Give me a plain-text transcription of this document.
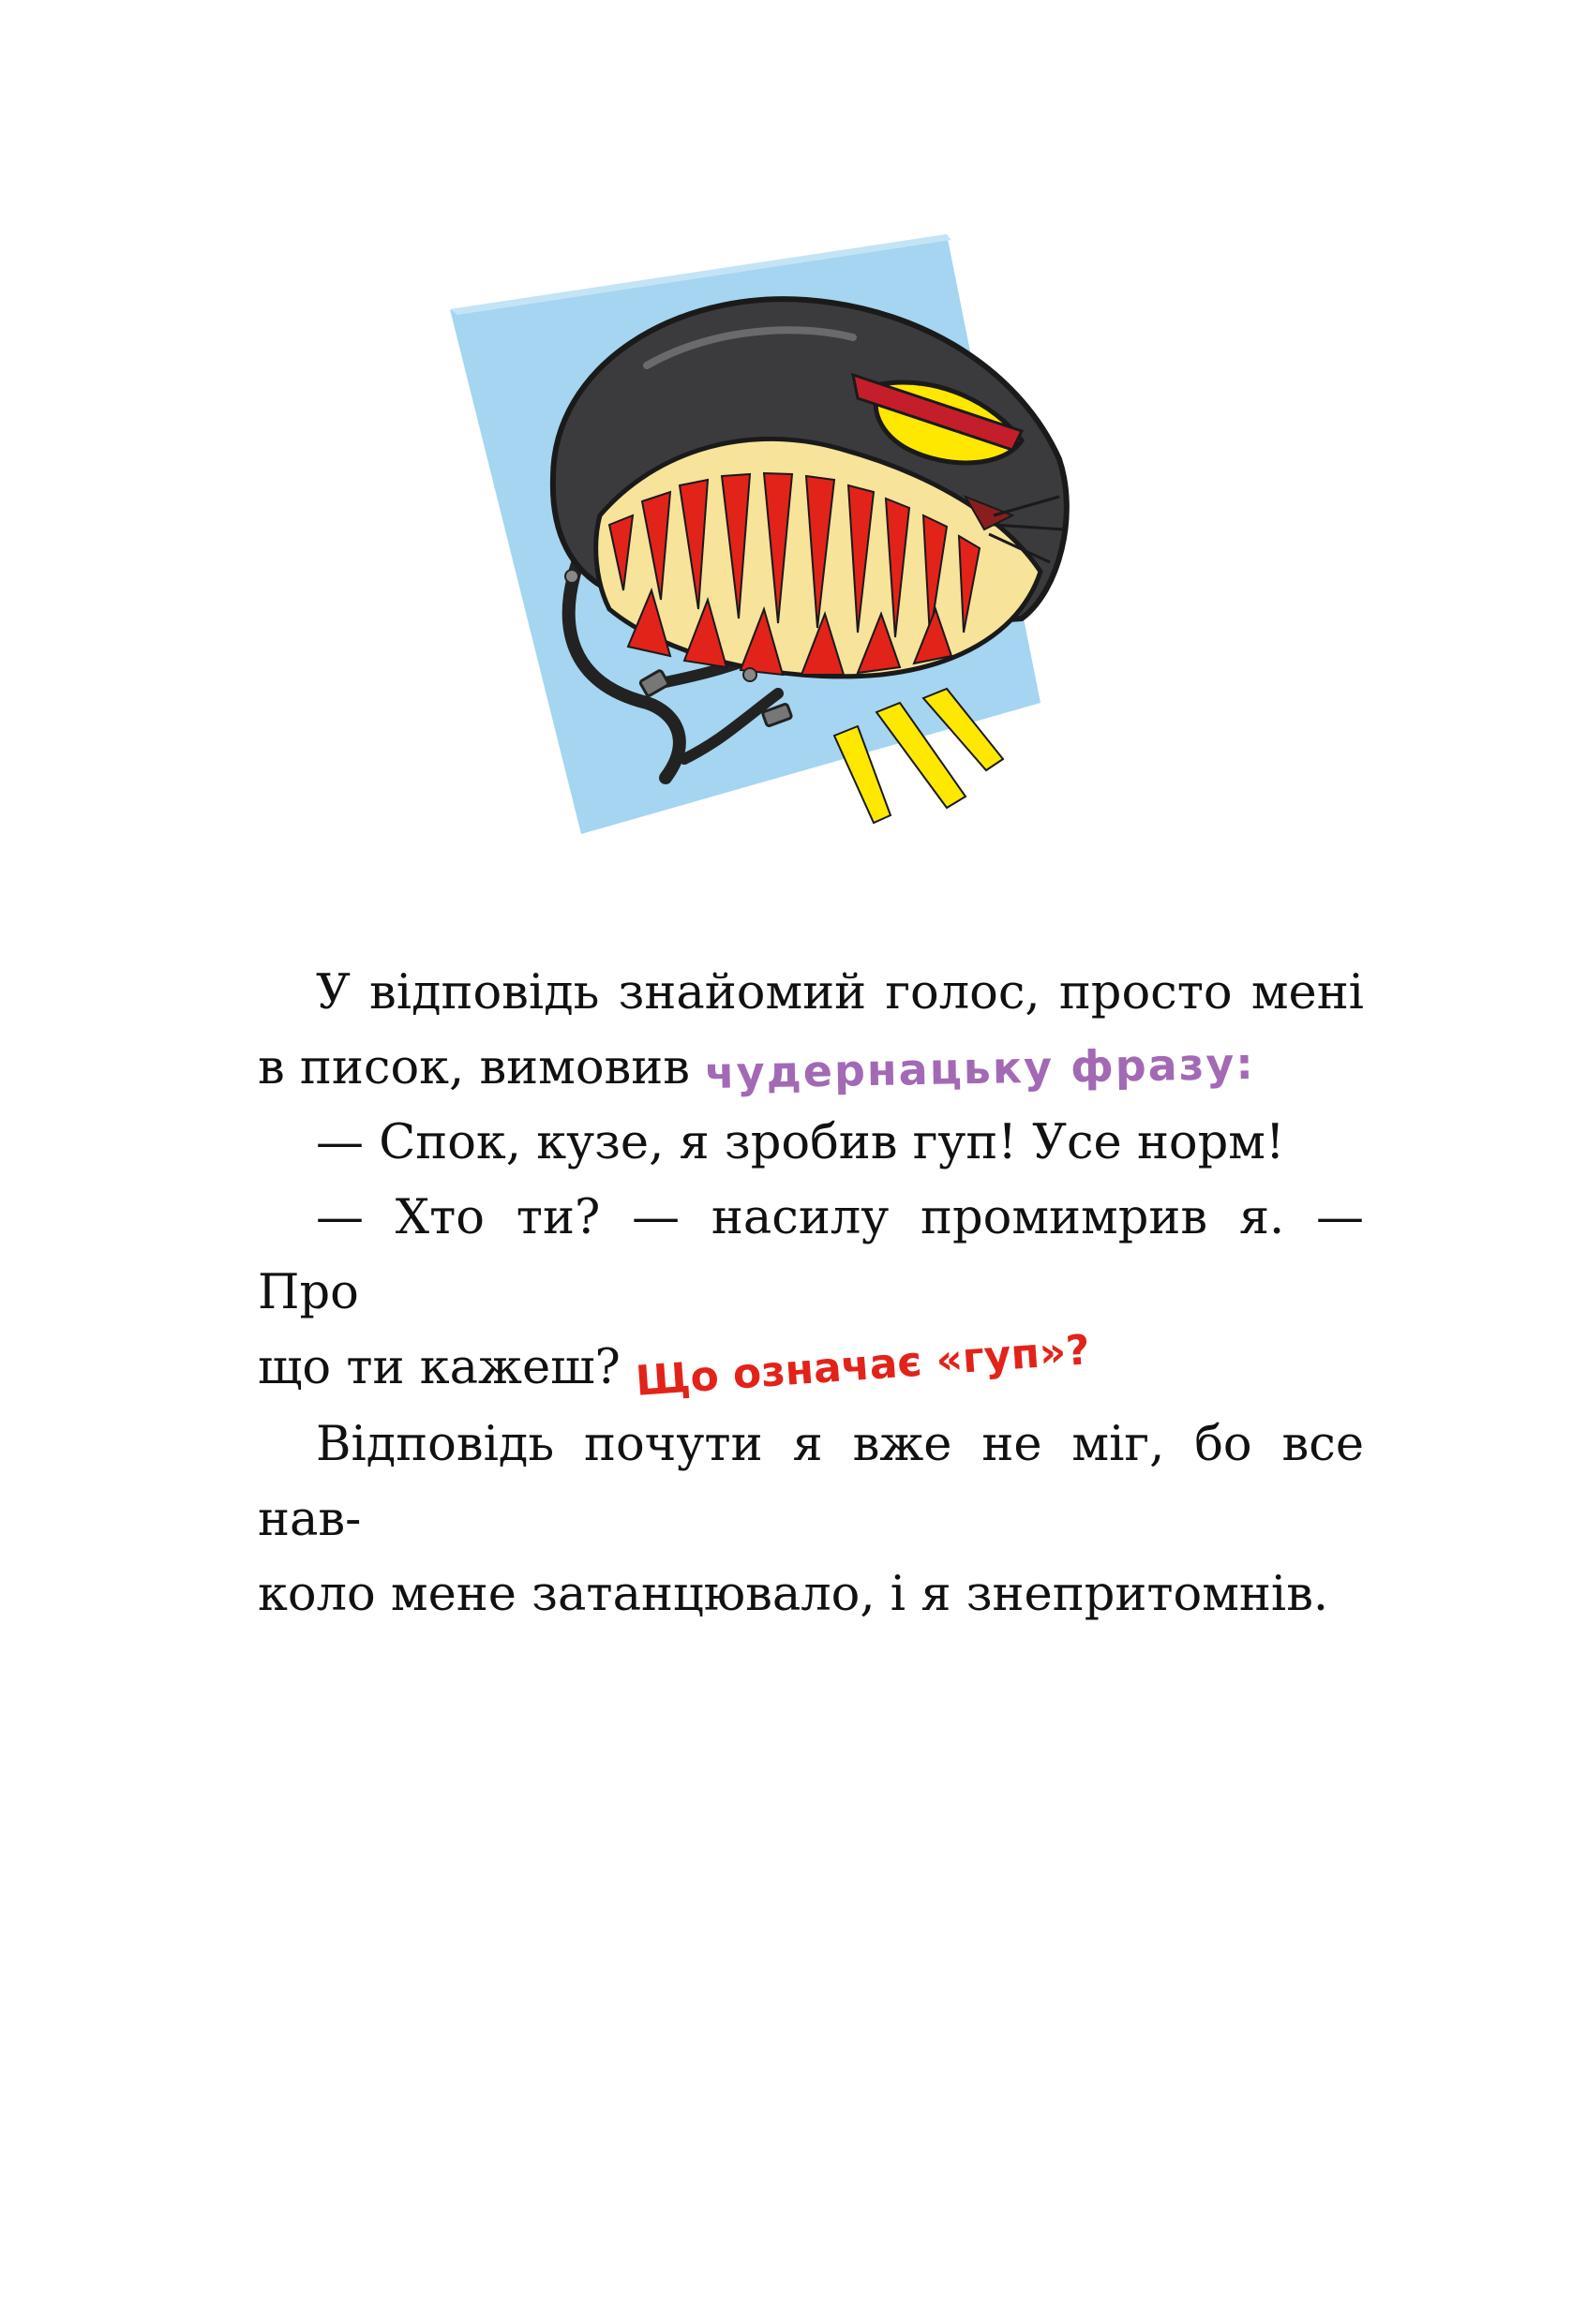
У відповідь знайомий голос, просто мені

в писок, вимовив чудернацьку фразу:

— Спок, кузе, я зробив гуп! Усе норм!

— Хто ти? — насилу промимрив я. — Про

що ти кажеш? Що означає «гуп»?

Відповідь почути я вже не міг, бо все нав-

коло мене затанцювало, і я знепритомнів.
